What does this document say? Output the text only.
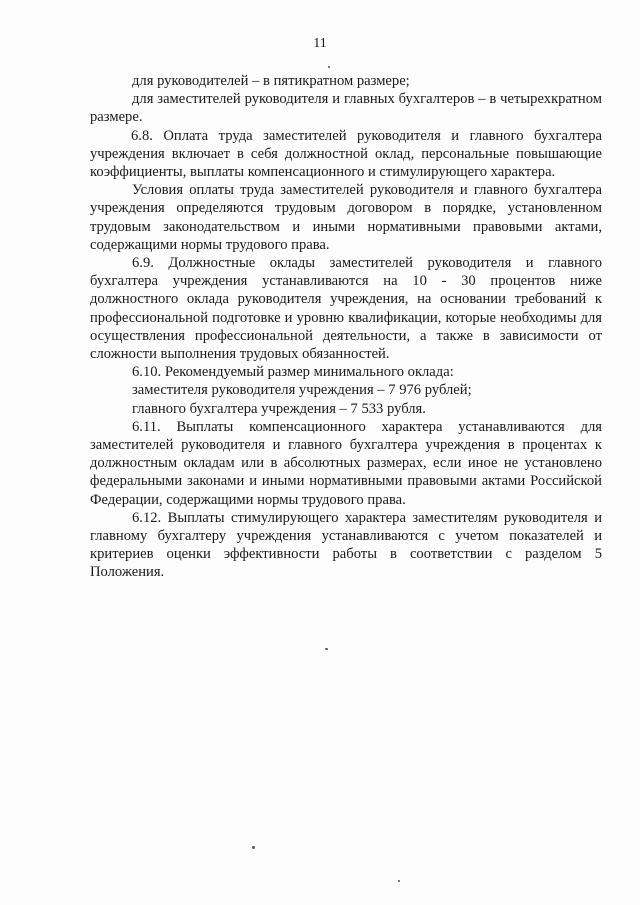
11

для руководителей – в пятикратном размере;

для заместителей руководителя и главных бухгалтеров – в четырехкратном размере.

6.8. Оплата труда заместителей руководителя и главного бухгалтера учреждения включает в себя должностной оклад, персональные повышающие коэффициенты, выплаты компенсационного и стимулирующего характера.

Условия оплаты труда заместителей руководителя и главного бухгалтера учреждения определяются трудовым договором в порядке, установленном трудовым законодательством и иными нормативными правовыми актами, содержащими нормы трудового права.

6.9. Должностные оклады заместителей руководителя и главного бухгалтера учреждения устанавливаются на 10 - 30 процентов ниже должностного оклада руководителя учреждения, на основании требований к профессиональной подготовке и уровню квалификации, которые необходимы для осуществления профессиональной деятельности, а также в зависимости от сложности выполнения трудовых обязанностей.

6.10. Рекомендуемый размер минимального оклада:

заместителя руководителя учреждения – 7 976 рублей;

главного бухгалтера учреждения – 7 533 рубля.

6.11. Выплаты компенсационного характера устанавливаются для заместителей руководителя и главного бухгалтера учреждения в процентах к должностным окладам или в абсолютных размерах, если иное не установлено федеральными законами и иными нормативными правовыми актами Российской Федерации, содержащими нормы трудового права.

6.12. Выплаты стимулирующего характера заместителям руководителя и главному бухгалтеру учреждения устанавливаются с учетом показателей и критериев оценки эффективности работы в соответствии с разделом 5 Положения.
